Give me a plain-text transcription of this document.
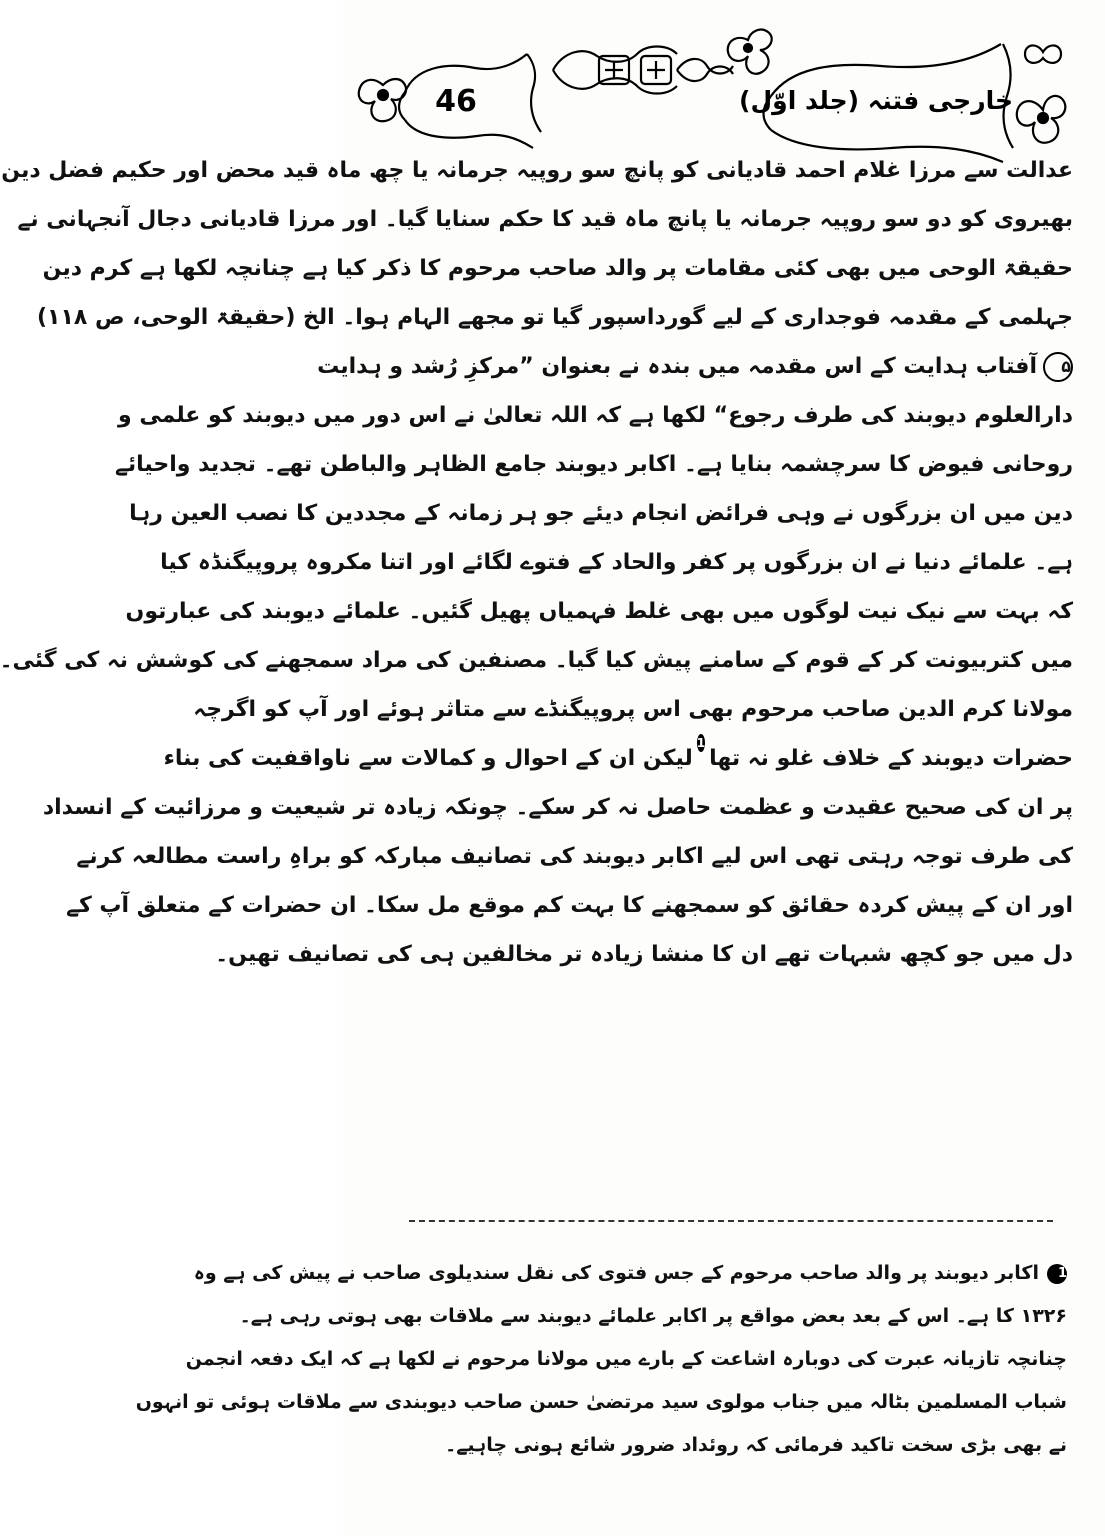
46	خارجی فتنہ (جلد اوّل)
عدالت سے مرزا غلام احمد قادیانی کو پانچ سو روپیہ جرمانہ یا چھ ماہ قید محض اور حکیم فضل دین
بھیروی کو دو سو روپیہ جرمانہ یا پانچ ماہ قید کا حکم سنایا گیا۔ اور مرزا قادیانی دجال آنجہانی نے
حقیقۃ الوحی میں بھی کئی مقامات پر والد صاحب مرحوم کا ذکر کیا ہے چنانچہ لکھا ہے کرم دین
جہلمی کے مقدمہ فوجداری کے لیے گورداسپور گیا تو مجھے الہام ہوا۔ الخ (حقیقۃ الوحی، ص ۱۱۸)
۵آفتاب ہدایت کے اس مقدمہ میں بندہ نے بعنوان ”مرکزِ رُشد و ہدایت
دارالعلوم دیوبند کی طرف رجوع“ لکھا ہے کہ اللہ تعالیٰ نے اس دور میں دیوبند کو علمی و
روحانی فیوض کا سرچشمہ بنایا ہے۔ اکابر دیوبند جامع الظاہر والباطن تھے۔ تجدید واحیائے
دین میں ان بزرگوں نے وہی فرائض انجام دیئے جو ہر زمانہ کے مجددین کا نصب العین رہا
ہے۔ علمائے دنیا نے ان بزرگوں پر کفر والحاد کے فتوے لگائے اور اتنا مکروہ پروپیگنڈہ کیا
کہ بہت سے نیک نیت لوگوں میں بھی غلط فہمیاں پھیل گئیں۔ علمائے دیوبند کی عبارتوں
میں کتربیونت کر کے قوم کے سامنے پیش کیا گیا۔ مصنفین کی مراد سمجھنے کی کوشش نہ کی گئی۔
مولانا کرم الدین صاحب مرحوم بھی اس پروپیگنڈے سے متاثر ہوئے اور آپ کو اگرچہ
حضرات دیوبند کے خلاف غلو نہ تھا
1
لیکن ان کے احوال و کمالات سے ناواقفیت کی بناء
پر ان کی صحیح عقیدت و عظمت حاصل نہ کر سکے۔ چونکہ زیادہ تر شیعیت و مرزائیت کے انسداد
کی طرف توجہ رہتی تھی اس لیے اکابر دیوبند کی تصانیف مبارکہ کو براہِ راست مطالعہ کرنے
اور ان کے پیش کردہ حقائق کو سمجھنے کا بہت کم موقع مل سکا۔ ان حضرات کے متعلق آپ کے
دل میں جو کچھ شبہات تھے ان کا منشا زیادہ تر مخالفین ہی کی تصانیف تھیں۔
1اکابر دیوبند پر والد صاحب مرحوم کے جس فتوی کی نقل سندیلوی صاحب نے پیش کی ہے وہ
۱۳۲۶ کا ہے۔ اس کے بعد بعض مواقع پر اکابر علمائے دیوبند سے ملاقات بھی ہوتی رہی ہے۔
چنانچہ تازیانہ عبرت کی دوبارہ اشاعت کے بارے میں مولانا مرحوم نے لکھا ہے کہ ایک دفعہ انجمن
شباب المسلمین بٹالہ میں جناب مولوی سید مرتضیٰ حسن صاحب دیوبندی سے ملاقات ہوئی تو انہوں
نے بھی بڑی سخت تاکید فرمائی کہ روئداد ضرور شائع ہونی چاہیے۔
